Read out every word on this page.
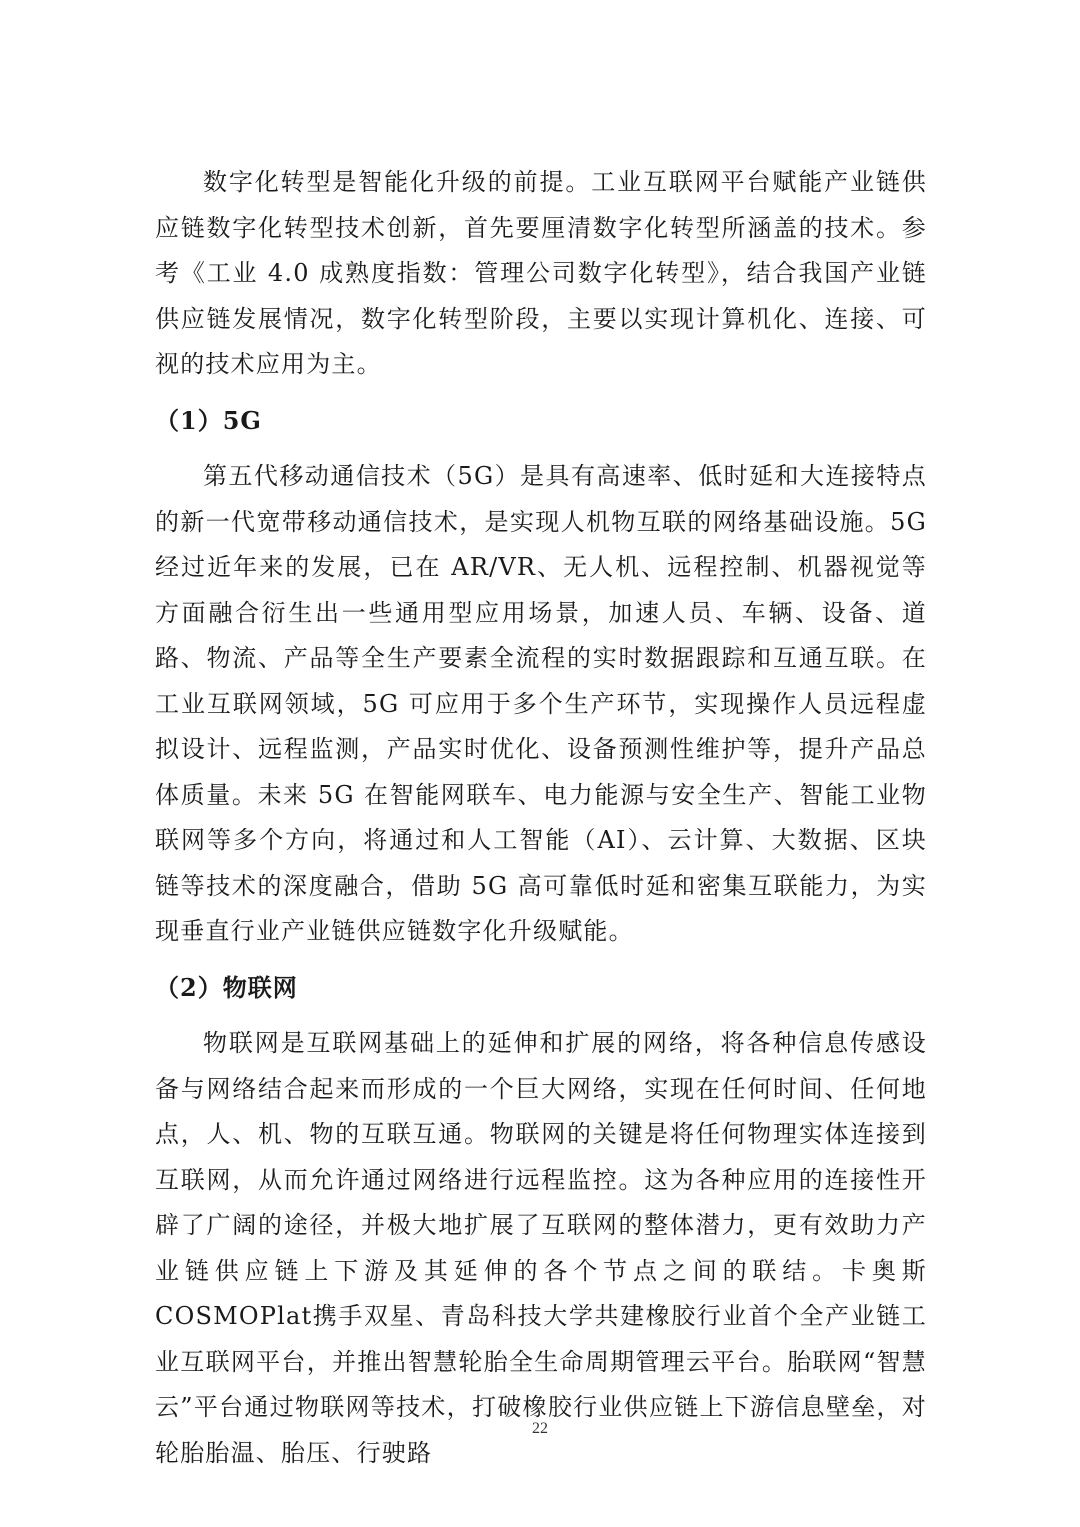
数字化转型是智能化升级的前提。工业互联网平台赋能产业链供应链数字化转型技术创新，首先要厘清数字化转型所涵盖的技术。参考《工业 4.0 成熟度指数：管理公司数字化转型》，结合我国产业链供应链发展情况，数字化转型阶段，主要以实现计算机化、连接、可视的技术应用为主。

（1）5G

第五代移动通信技术（5G）是具有高速率、低时延和大连接特点的新一代宽带移动通信技术，是实现人机物互联的网络基础设施。5G 经过近年来的发展，已在 AR/VR、无人机、远程控制、机器视觉等方面融合衍生出一些通用型应用场景，加速人员、车辆、设备、道路、物流、产品等全生产要素全流程的实时数据跟踪和互通互联。在工业互联网领域，5G 可应用于多个生产环节，实现操作人员远程虚拟设计、远程监测，产品实时优化、设备预测性维护等，提升产品总体质量。未来 5G 在智能网联车、电力能源与安全生产、智能工业物联网等多个方向，将通过和人工智能（AI）、云计算、大数据、区块链等技术的深度融合，借助 5G 高可靠低时延和密集互联能力，为实现垂直行业产业链供应链数字化升级赋能。

（2）物联网

物联网是互联网基础上的延伸和扩展的网络，将各种信息传感设备与网络结合起来而形成的一个巨大网络，实现在任何时间、任何地点，人、机、物的互联互通。物联网的关键是将任何物理实体连接到互联网，从而允许通过网络进行远程监控。这为各种应用的连接性开辟了广阔的途径，并极大地扩展了互联网的整体潜力，更有效助力产业链供应链上下游及其延伸的各个节点之间的联结。卡奥斯COSMOPlat携手双星、青岛科技大学共建橡胶行业首个全产业链工业互联网平台，并推出智慧轮胎全生命周期管理云平台。胎联网“智慧云”平台通过物联网等技术，打破橡胶行业供应链上下游信息壁垒，对轮胎胎温、胎压、行驶路

22
